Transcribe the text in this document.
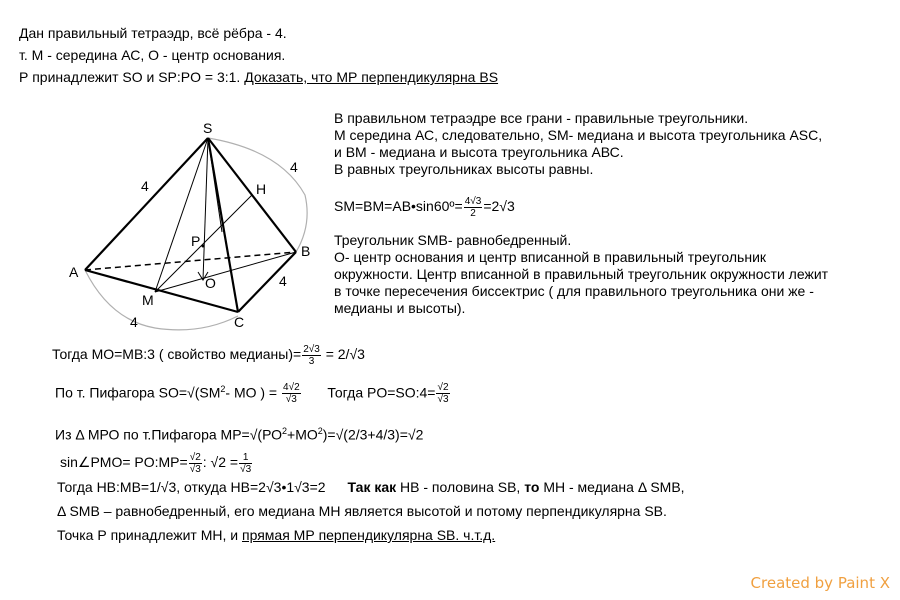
Дан правильный тетраэдр, всё рёбра - 4.
т. М - середина АС, О - центр основания.
Р принадлежит SO и SP:PO = 3:1. Доказать, что МР перпендикулярна BS
S
A
B
C
M
O
P
H
4
4
4
4
В правильном тетраэдре все грани - правильные треугольники.
М середина АС, следовательно, SM- медиана и высота треугольника ASC,
и ВМ - медиана и высота треугольника АВС.
В равных треугольниках высоты равны.
SM=BM=AB•sin60º= $\frac{4√3}{2} =2√3$
Треугольник SMB- равнобедренный.
О- центр основания и центр вписанной в правильный треугольник
окружности. Центр вписанной в правильный треугольник окружности лежит
в точке пересечения биссектрис ( для правильного треугольника они же -
медианы и высоты).
Тогда МО=МВ:3 ( свойство медианы)= $\frac{2√3}{3} = 2/√3$
По т. Пифагора $SO=√(SM^2-$ MO ) = $\frac{4√2}{√3}$ Тогда PO=SO:4= $\frac{√2}{√3}$
Из Δ МРО по т.Пифагора $МР=√(РО^2+МО^2)=√(2/3+4/3)=√2$
sin∠PMO= PO:MP= $\frac{√2}{√3}$ : $√2 = \frac{1}{√3}$
Тогда НВ:МВ=1/√3, откуда НВ=2√3•1√3=2 Так как НВ - половина SB, то МН - медиана Δ SMB,
Δ SMB – равнобедренный, его медиана МН является высотой и потому перпендикулярна SB.
Точка Р принадлежит МН, и прямая МР перпендикулярна SB. ч.т.д.
Created by Paint X
